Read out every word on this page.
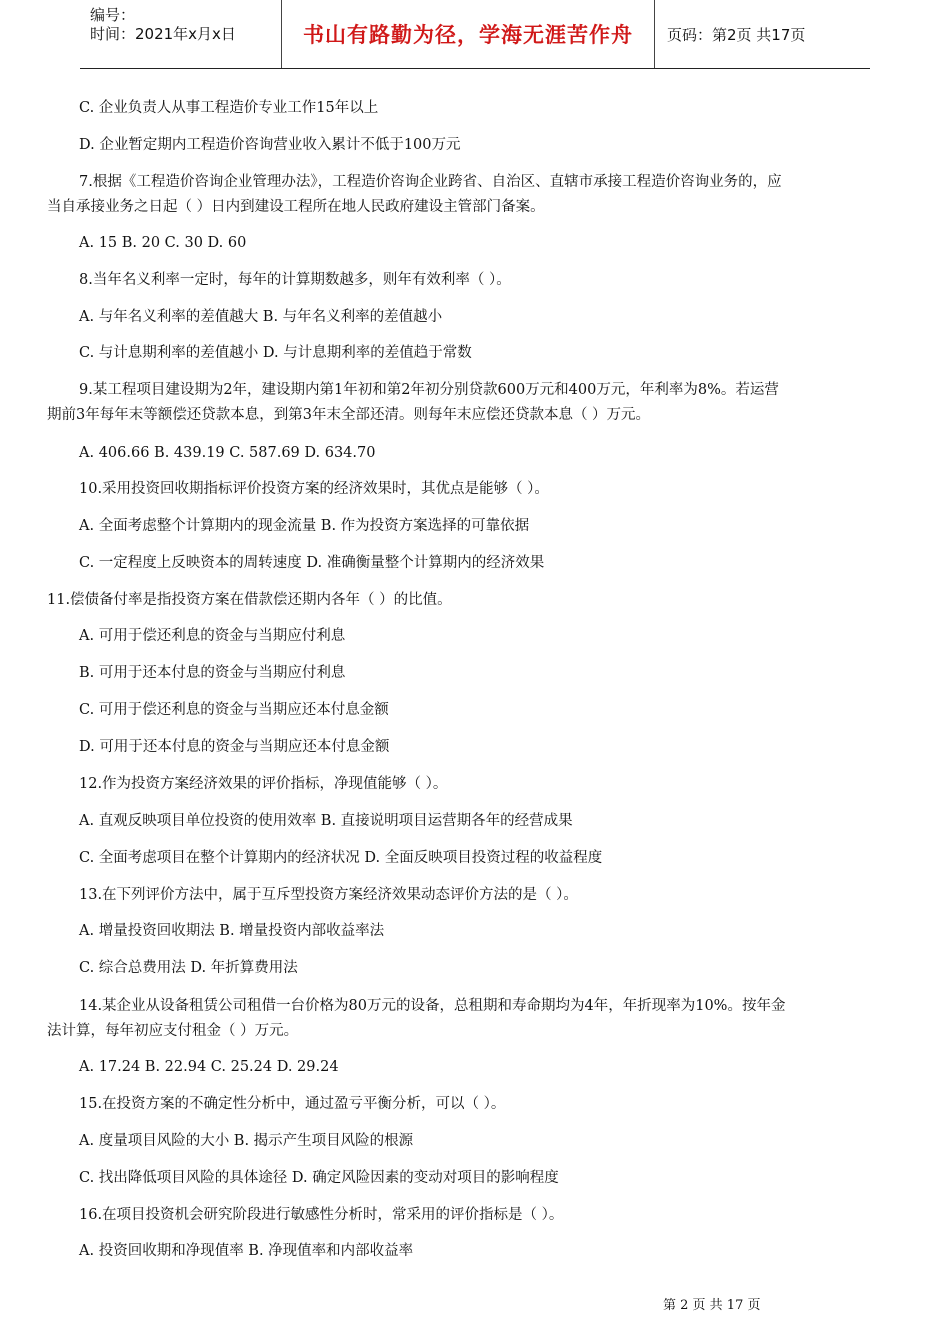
编号：
时间：2021年x月x日	书山有路勤为径，学海无涯苦作舟	页码：第2页 共17页
C. 企业负责人从事工程造价专业工作15年以上
D. 企业暂定期内工程造价咨询营业收入累计不低于100万元
7.根据《工程造价咨询企业管理办法》，工程造价咨询企业跨省、自治区、直辖市承接工程造价咨询业务的，应
当自承接业务之日起（ ）日内到建设工程所在地人民政府建设主管部门备案。
A. 15 B. 20 C. 30 D. 60
8.当年名义利率一定时，每年的计算期数越多，则年有效利率（ ）。
A. 与年名义利率的差值越大 B. 与年名义利率的差值越小
C. 与计息期利率的差值越小 D. 与计息期利率的差值趋于常数
9.某工程项目建设期为2年，建设期内第1年初和第2年初分别贷款600万元和400万元，年利率为8%。若运营
期前3年每年末等额偿还贷款本息，到第3年末全部还清。则每年末应偿还贷款本息（ ）万元。
A. 406.66 B. 439.19 C. 587.69 D. 634.70
10.采用投资回收期指标评价投资方案的经济效果时，其优点是能够（ ）。
A. 全面考虑整个计算期内的现金流量 B. 作为投资方案选择的可靠依据
C. 一定程度上反映资本的周转速度 D. 准确衡量整个计算期内的经济效果
11.偿债备付率是指投资方案在借款偿还期内各年（ ）的比值。
A. 可用于偿还利息的资金与当期应付利息
B. 可用于还本付息的资金与当期应付利息
C. 可用于偿还利息的资金与当期应还本付息金额
D. 可用于还本付息的资金与当期应还本付息金额
12.作为投资方案经济效果的评价指标，净现值能够（ ）。
A. 直观反映项目单位投资的使用效率 B. 直接说明项目运营期各年的经营成果
C. 全面考虑项目在整个计算期内的经济状况 D. 全面反映项目投资过程的收益程度
13.在下列评价方法中，属于互斥型投资方案经济效果动态评价方法的是（ ）。
A. 增量投资回收期法 B. 增量投资内部收益率法
C. 综合总费用法 D. 年折算费用法
14.某企业从设备租赁公司租借一台价格为80万元的设备，总租期和寿命期均为4年，年折现率为10%。按年金
法计算，每年初应支付租金（ ）万元。
A. 17.24 B. 22.94 C. 25.24 D. 29.24
15.在投资方案的不确定性分析中，通过盈亏平衡分析，可以（ ）。
A. 度量项目风险的大小 B. 揭示产生项目风险的根源
C. 找出降低项目风险的具体途径 D. 确定风险因素的变动对项目的影响程度
16.在项目投资机会研究阶段进行敏感性分析时，常采用的评价指标是（ ）。
A. 投资回收期和净现值率 B. 净现值率和内部收益率
第 2 页 共 17 页
